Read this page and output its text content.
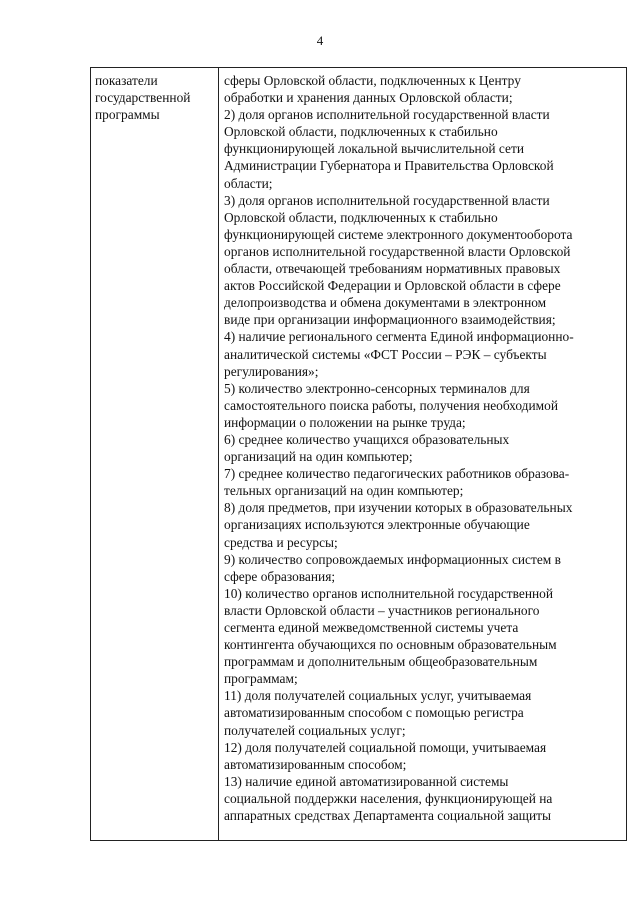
4
показатели
государственной
программы
сферы Орловской области, подключенных к Центру
обработки и хранения данных Орловской области;
2) доля органов исполнительной государственной власти
Орловской области, подключенных к стабильно
функционирующей локальной вычислительной сети
Администрации Губернатора и Правительства Орловской
области;
3) доля органов исполнительной государственной власти
Орловской области, подключенных к стабильно
функционирующей системе электронного документооборота
органов исполнительной государственной власти Орловской
области, отвечающей требованиям нормативных правовых
актов Российской Федерации и Орловской области в сфере
делопроизводства и обмена документами в электронном
виде при организации информационного взаимодействия;
4) наличие регионального сегмента Единой информационно-
аналитической системы «ФСТ России – РЭК – субъекты
регулирования»;
5) количество электронно-сенсорных терминалов для
самостоятельного поиска работы, получения необходимой
информации о положении на рынке труда;
6) среднее количество учащихся образовательных
организаций на один компьютер;
7) среднее количество педагогических работников образова-
тельных организаций на один компьютер;
8) доля предметов, при изучении которых в образовательных
организациях используются электронные обучающие
средства и ресурсы;
9) количество сопровождаемых информационных систем в
сфере образования;
10) количество органов исполнительной государственной
власти Орловской области – участников регионального
сегмента единой межведомственной системы учета
контингента обучающихся по основным образовательным
программам и дополнительным общеобразовательным
программам;
11) доля получателей социальных услуг, учитываемая
автоматизированным способом с помощью регистра
получателей социальных услуг;
12) доля получателей социальной помощи, учитываемая
автоматизированным способом;
13) наличие единой автоматизированной системы
социальной поддержки населения, функционирующей на
аппаратных средствах Департамента социальной защиты
